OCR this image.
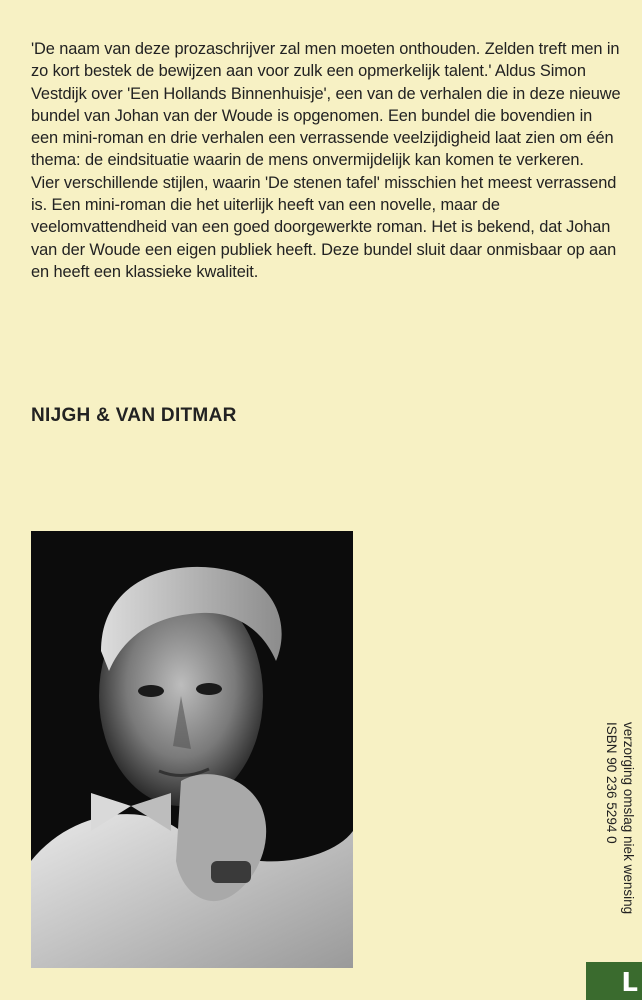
'De naam van deze prozaschrijver zal men moeten onthouden. Zelden treft men in zo kort bestek de bewijzen aan voor zulk een opmerkelijk talent.' Aldus Simon Vestdijk over 'Een Hollands Binnenhuisje', een van de verhalen die in deze nieuwe bundel van Johan van der Woude is opgenomen. Een bundel die bovendien in een mini-roman en drie verhalen een verrassende veelzijdigheid laat zien om één thema: de eindsituatie waarin de mens onvermijdelijk kan komen te verkeren.

Vier verschillende stijlen, waarin 'De stenen tafel' misschien het meest verrassend is. Een mini-roman die het uiterlijk heeft van een novelle, maar de veelomvattendheid van een goed doorgewerkte roman. Het is bekend, dat Johan van der Woude een eigen publiek heeft. Deze bundel sluit daar onmisbaar op aan en heeft een klassieke kwaliteit.

NIJGH & VAN DITMAR
verzorging omslag niek wensing
ISBN 90 236 5294 0
L
